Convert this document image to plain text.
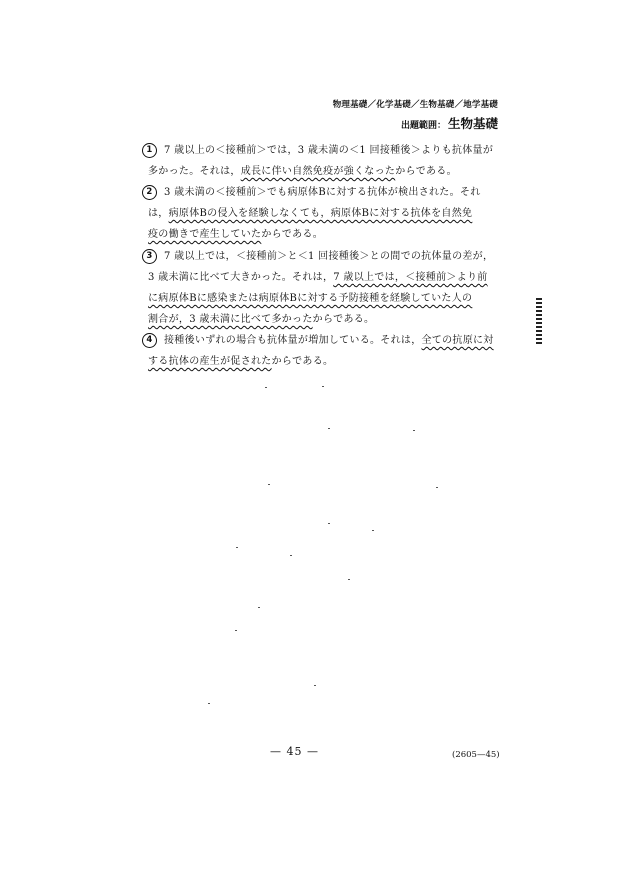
物理基礎／化学基礎／生物基礎／地学基礎
出題範囲： 生物基礎
1	7 歳以上の＜接種前＞では，3 歳未満の＜1 回接種後＞よりも抗体量が
多かった。それは，成長に伴い自然免疫が強くなったからである。
2	3 歳未満の＜接種前＞でも病原体Bに対する抗体が検出された。それ
は，病原体Bの侵入を経験しなくても，病原体Bに対する抗体を自然免
疫の働きで産生していたからである。
3	7 歳以上では，＜接種前＞と＜1 回接種後＞との間での抗体量の差が，
3 歳未満に比べて大きかった。それは，7 歳以上では，＜接種前＞より前
に病原体Bに感染または病原体Bに対する予防接種を経験していた人の
割合が，3 歳未満に比べて多かったからである。
4	接種後いずれの場合も抗体量が増加している。それは，全ての抗原に対
する抗体の産生が促されたからである。
— 45 —	(2605—45)
